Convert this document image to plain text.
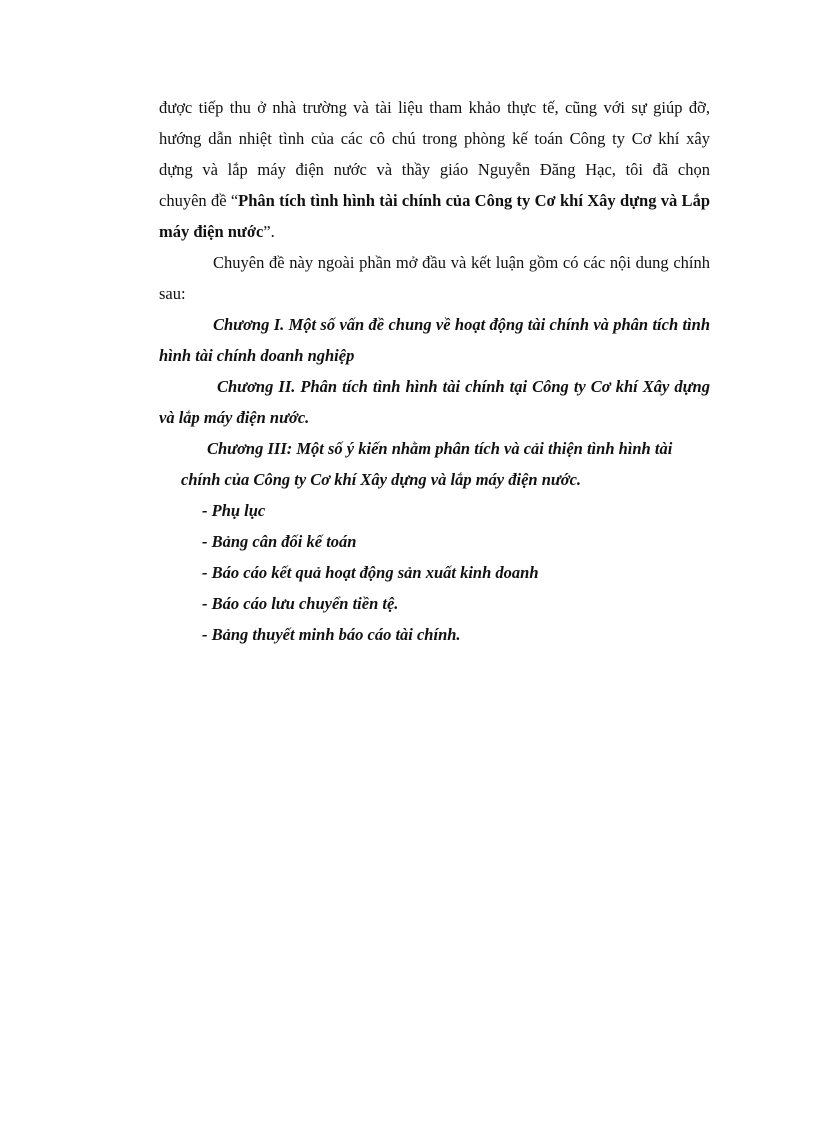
được tiếp thu ở nhà trường và tài liệu tham khảo thực tế, cũng với sự giúp đỡ,

hướng dẫn nhiệt tình của các cô chú trong phòng kế toán Công ty Cơ khí xây

dựng và lắp máy điện nước và thầy giáo Nguyễn Đăng Hạc, tôi đã chọn

chuyên đề “Phân tích tình hình tài chính của Công ty Cơ khí Xây dựng và Lắp máy điện nước”.

Chuyên đề này ngoài phần mở đầu và kết luận gồm có các nội dung chính sau:

Chương I. Một số vấn đề chung về hoạt động tài chính và phân tích tình hình tài chính doanh nghiệp

Chương II. Phân tích tình hình tài chính tại Công ty Cơ khí Xây dựng và lắp máy điện nước.

Chương III: Một số ý kiến nhằm phân tích và cải thiện tình hình tài
chính của Công ty Cơ khí Xây dựng và lắp máy điện nước.

- Phụ lục
- Bảng cân đối kế toán
- Báo cáo kết quả hoạt động sản xuất kinh doanh
- Báo cáo lưu chuyển tiền tệ.
- Bảng thuyết minh báo cáo tài chính.
